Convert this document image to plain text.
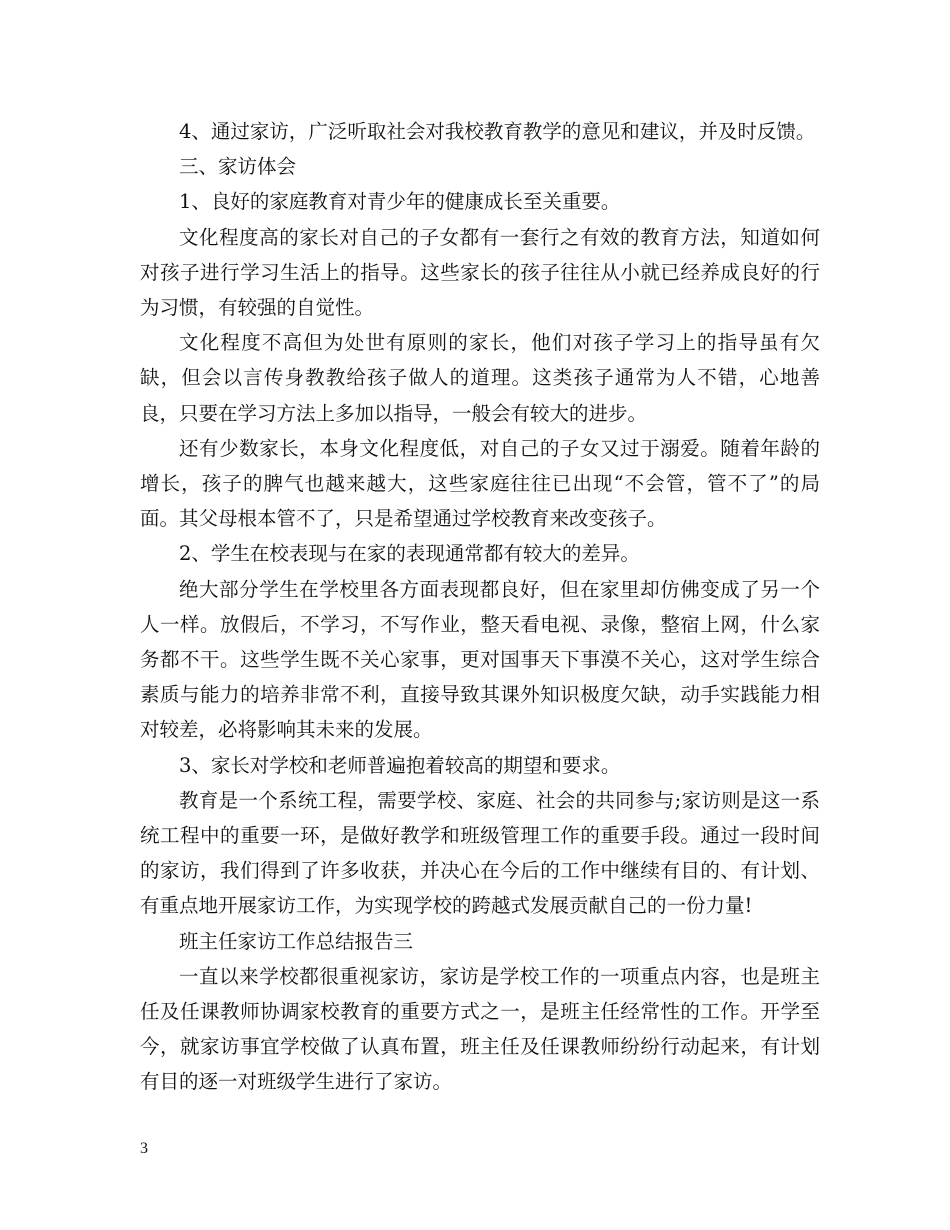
4、通过家访，广泛听取社会对我校教育教学的意见和建议，并及时反馈。

三、家访体会

1、良好的家庭教育对青少年的健康成长至关重要。

文化程度高的家长对自己的子女都有一套行之有效的教育方法，知道如何对孩子进行学习生活上的指导。这些家长的孩子往往从小就已经养成良好的行为习惯，有较强的自觉性。

文化程度不高但为处世有原则的家长，他们对孩子学习上的指导虽有欠缺，但会以言传身教教给孩子做人的道理。这类孩子通常为人不错，心地善良，只要在学习方法上多加以指导，一般会有较大的进步。

还有少数家长，本身文化程度低，对自己的子女又过于溺爱。随着年龄的增长，孩子的脾气也越来越大，这些家庭往往已出现“不会管，管不了”的局面。其父母根本管不了，只是希望通过学校教育来改变孩子。

2、学生在校表现与在家的表现通常都有较大的差异。

绝大部分学生在学校里各方面表现都良好，但在家里却仿佛变成了另一个人一样。放假后，不学习，不写作业，整天看电视、录像，整宿上网，什么家务都不干。这些学生既不关心家事，更对国事天下事漠不关心，这对学生综合素质与能力的培养非常不利，直接导致其课外知识极度欠缺，动手实践能力相对较差，必将影响其未来的发展。

3、家长对学校和老师普遍抱着较高的期望和要求。

教育是一个系统工程，需要学校、家庭、社会的共同参与;家访则是这一系统工程中的重要一环，是做好教学和班级管理工作的重要手段。通过一段时间的家访，我们得到了许多收获，并决心在今后的工作中继续有目的、有计划、有重点地开展家访工作，为实现学校的跨越式发展贡献自己的一份力量!

班主任家访工作总结报告三

一直以来学校都很重视家访，家访是学校工作的一项重点内容，也是班主任及任课教师协调家校教育的重要方式之一，是班主任经常性的工作。开学至今，就家访事宜学校做了认真布置，班主任及任课教师纷纷行动起来，有计划有目的逐一对班级学生进行了家访。

3
